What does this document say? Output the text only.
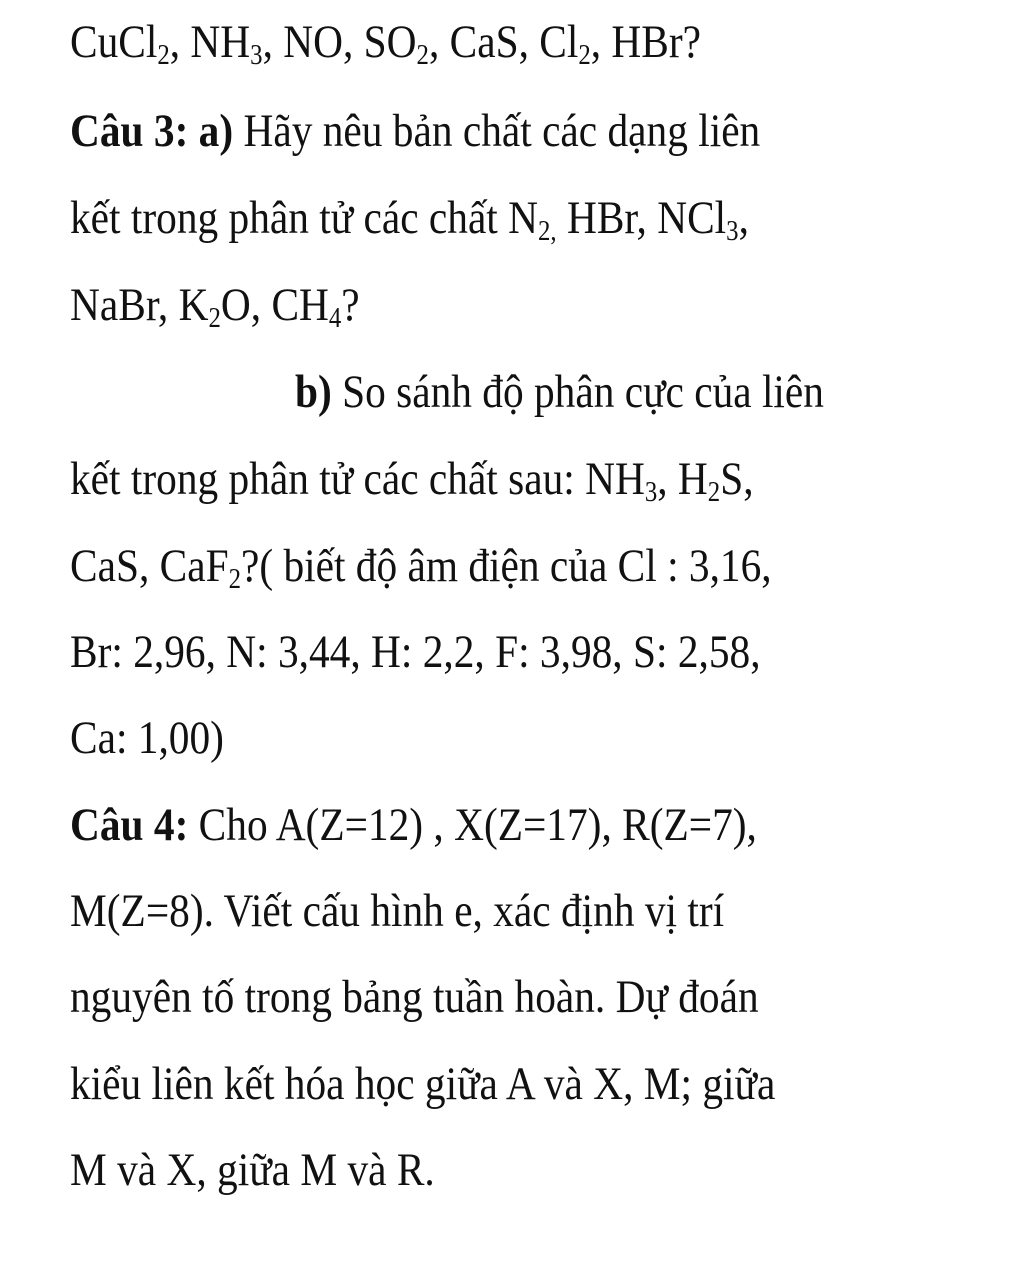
CuCl$_2$, $NH_3$, NO, $SO_2$, CaS, $Cl_2$, HBr?
Câu 3: a) Hãy nêu bản chất các dạng liên
kết trong phân tử các chất $N_{2,}$ HBr, NCl$_3$,
NaBr, $K_2O$, $CH_4$?
b) So sánh độ phân cực của liên
kết trong phân tử các chất sau: $NH_3$, $H_2S$,
CaS, CaF$_2$?( biết độ âm điện của Cl : 3,16,
Br: 2,96, N: 3,44, H: 2,2, F: 3,98, S: 2,58,
Ca: 1,00)
Câu 4: Cho A(Z=12) , X(Z=17), R(Z=7),
M(Z=8). Viết cấu hình e, xác định vị trí
nguyên tố trong bảng tuần hoàn. Dự đoán
kiểu liên kết hóa học giữa A và X, M; giữa
M và X, giữa M và R.
